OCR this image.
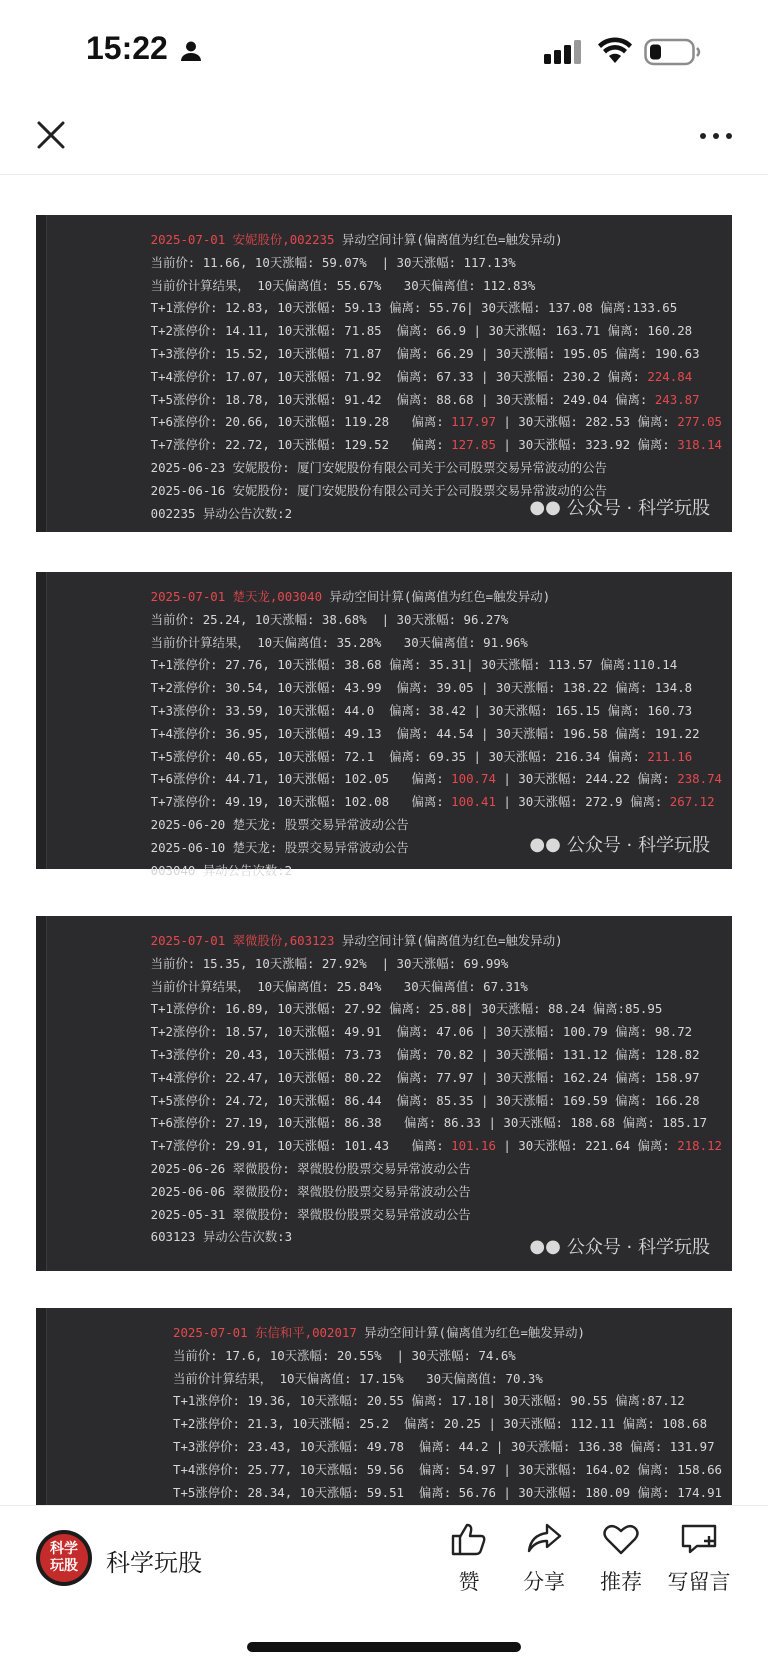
15:22
2025-07-01 安妮股份,002235 异动空间计算(偏离值为红色=触发异动)
当前价: 11.66, 10天涨幅: 59.07%  | 30天涨幅: 117.13%
当前价计算结果， 10天偏离值: 55.67%   30天偏离值: 112.83%
T+1涨停价: 12.83, 10天涨幅: 59.13 偏离: 55.76| 30天涨幅: 137.08 偏离:133.65
T+2涨停价: 14.11, 10天涨幅: 71.85  偏离: 66.9 | 30天涨幅: 163.71 偏离: 160.28
T+3涨停价: 15.52, 10天涨幅: 71.87  偏离: 66.29 | 30天涨幅: 195.05 偏离: 190.63
T+4涨停价: 17.07, 10天涨幅: 71.92  偏离: 67.33 | 30天涨幅: 230.2 偏离: 224.84
T+5涨停价: 18.78, 10天涨幅: 91.42  偏离: 88.68 | 30天涨幅: 249.04 偏离: 243.87
T+6涨停价: 20.66, 10天涨幅: 119.28   偏离: 117.97 | 30天涨幅: 282.53 偏离: 277.05
T+7涨停价: 22.72, 10天涨幅: 129.52   偏离: 127.85 | 30天涨幅: 323.92 偏离: 318.14
2025-06-23 安妮股份: 厦门安妮股份有限公司关于公司股票交易异常波动的公告
2025-06-16 安妮股份: 厦门安妮股份有限公司关于公司股票交易异常波动的公告
002235 异动公告次数:2	●● 公众号 · 科学玩股
2025-07-01 楚天龙,003040 异动空间计算(偏离值为红色=触发异动)
当前价: 25.24, 10天涨幅: 38.68%  | 30天涨幅: 96.27%
当前价计算结果， 10天偏离值: 35.28%   30天偏离值: 91.96%
T+1涨停价: 27.76, 10天涨幅: 38.68 偏离: 35.31| 30天涨幅: 113.57 偏离:110.14
T+2涨停价: 30.54, 10天涨幅: 43.99  偏离: 39.05 | 30天涨幅: 138.22 偏离: 134.8
T+3涨停价: 33.59, 10天涨幅: 44.0  偏离: 38.42 | 30天涨幅: 165.15 偏离: 160.73
T+4涨停价: 36.95, 10天涨幅: 49.13  偏离: 44.54 | 30天涨幅: 196.58 偏离: 191.22
T+5涨停价: 40.65, 10天涨幅: 72.1  偏离: 69.35 | 30天涨幅: 216.34 偏离: 211.16
T+6涨停价: 44.71, 10天涨幅: 102.05   偏离: 100.74 | 30天涨幅: 244.22 偏离: 238.74
T+7涨停价: 49.19, 10天涨幅: 102.08   偏离: 100.41 | 30天涨幅: 272.9 偏离: 267.12
2025-06-20 楚天龙: 股票交易异常波动公告
2025-06-10 楚天龙: 股票交易异常波动公告
003040 异动公告次数:2
●● 公众号 · 科学玩股
2025-07-01 翠微股份,603123 异动空间计算(偏离值为红色=触发异动)
当前价: 15.35, 10天涨幅: 27.92%  | 30天涨幅: 69.99%
当前价计算结果， 10天偏离值: 25.84%   30天偏离值: 67.31%
T+1涨停价: 16.89, 10天涨幅: 27.92 偏离: 25.88| 30天涨幅: 88.24 偏离:85.95
T+2涨停价: 18.57, 10天涨幅: 49.91  偏离: 47.06 | 30天涨幅: 100.79 偏离: 98.72
T+3涨停价: 20.43, 10天涨幅: 73.73  偏离: 70.82 | 30天涨幅: 131.12 偏离: 128.82
T+4涨停价: 22.47, 10天涨幅: 80.22  偏离: 77.97 | 30天涨幅: 162.24 偏离: 158.97
T+5涨停价: 24.72, 10天涨幅: 86.44  偏离: 85.35 | 30天涨幅: 169.59 偏离: 166.28
T+6涨停价: 27.19, 10天涨幅: 86.38   偏离: 86.33 | 30天涨幅: 188.68 偏离: 185.17
T+7涨停价: 29.91, 10天涨幅: 101.43   偏离: 101.16 | 30天涨幅: 221.64 偏离: 218.12
2025-06-26 翠微股份: 翠微股份股票交易异常波动公告
2025-06-06 翠微股份: 翠微股份股票交易异常波动公告
2025-05-31 翠微股份: 翠微股份股票交易异常波动公告
603123 异动公告次数:3	●● 公众号 · 科学玩股
2025-07-01 东信和平,002017 异动空间计算(偏离值为红色=触发异动)
当前价: 17.6, 10天涨幅: 20.55%  | 30天涨幅: 74.6%
当前价计算结果， 10天偏离值: 17.15%   30天偏离值: 70.3%
T+1涨停价: 19.36, 10天涨幅: 20.55 偏离: 17.18| 30天涨幅: 90.55 偏离:87.12
T+2涨停价: 21.3, 10天涨幅: 25.2  偏离: 20.25 | 30天涨幅: 112.11 偏离: 108.68
T+3涨停价: 23.43, 10天涨幅: 49.78  偏离: 44.2 | 30天涨幅: 136.38 偏离: 131.97
T+4涨停价: 25.77, 10天涨幅: 59.56  偏离: 54.97 | 30天涨幅: 164.02 偏离: 158.66
T+5涨停价: 28.34, 10天涨幅: 59.51  偏离: 56.76 | 30天涨幅: 180.09 偏离: 174.91
科学
玩股 科学玩股
赞	分享	推荐	写留言
